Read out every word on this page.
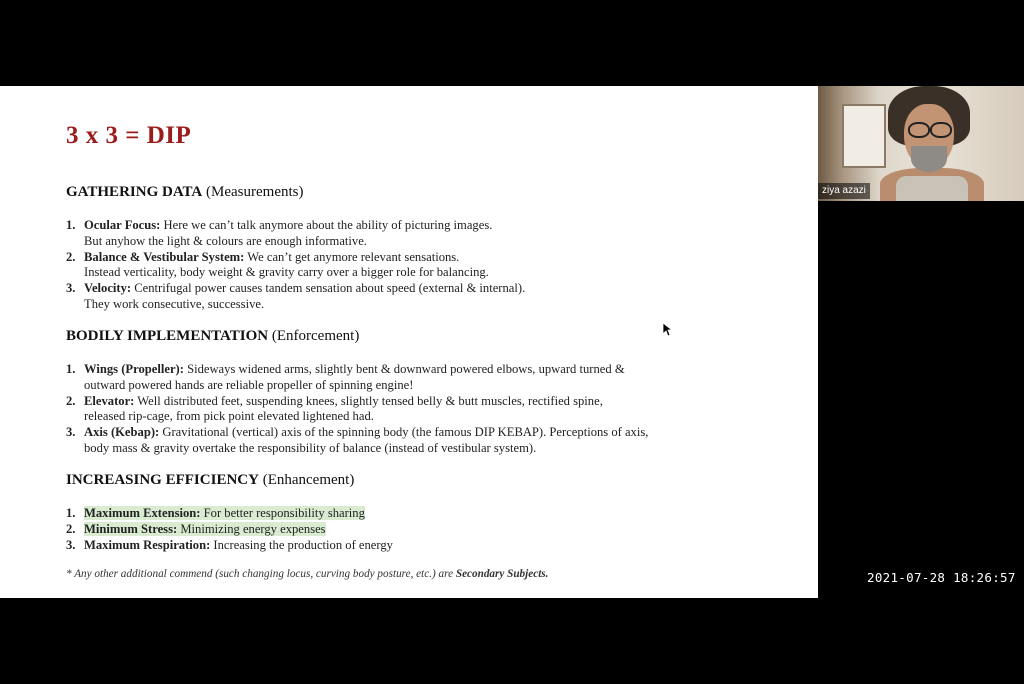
3 x 3 = DIP
GATHERING DATA (Measurements)
1. Ocular Focus: Here we can’t talk anymore about the ability of picturing images.
But anyhow the light & colours are enough informative.
2. Balance & Vestibular System: We can’t get anymore relevant sensations.
Instead verticality, body weight & gravity carry over a bigger role for balancing.
3. Velocity: Centrifugal power causes tandem sensation about speed (external & internal).
They work consecutive, successive.
BODILY IMPLEMENTATION (Enforcement)
1. Wings (Propeller): Sideways widened arms, slightly bent & downward powered elbows, upward turned &
outward powered hands are reliable propeller of spinning engine!
2. Elevator: Well distributed feet, suspending knees, slightly tensed belly & butt muscles, rectified spine,
released rip-cage, from pick point elevated lightened had.
3. Axis (Kebap): Gravitational (vertical) axis of the spinning body (the famous DIP KEBAP). Perceptions of axis,
body mass & gravity overtake the responsibility of balance (instead of vestibular system).
INCREASING EFFICIENCY (Enhancement)
1. Maximum Extension: For better responsibility sharing
2. Minimum Stress: Minimizing energy expenses
3. Maximum Respiration: Increasing the production of energy
* Any other additional commend (such changing locus, curving body posture, etc.) are Secondary Subjects.
ziya azazi
2021-07-28 18:26:57
